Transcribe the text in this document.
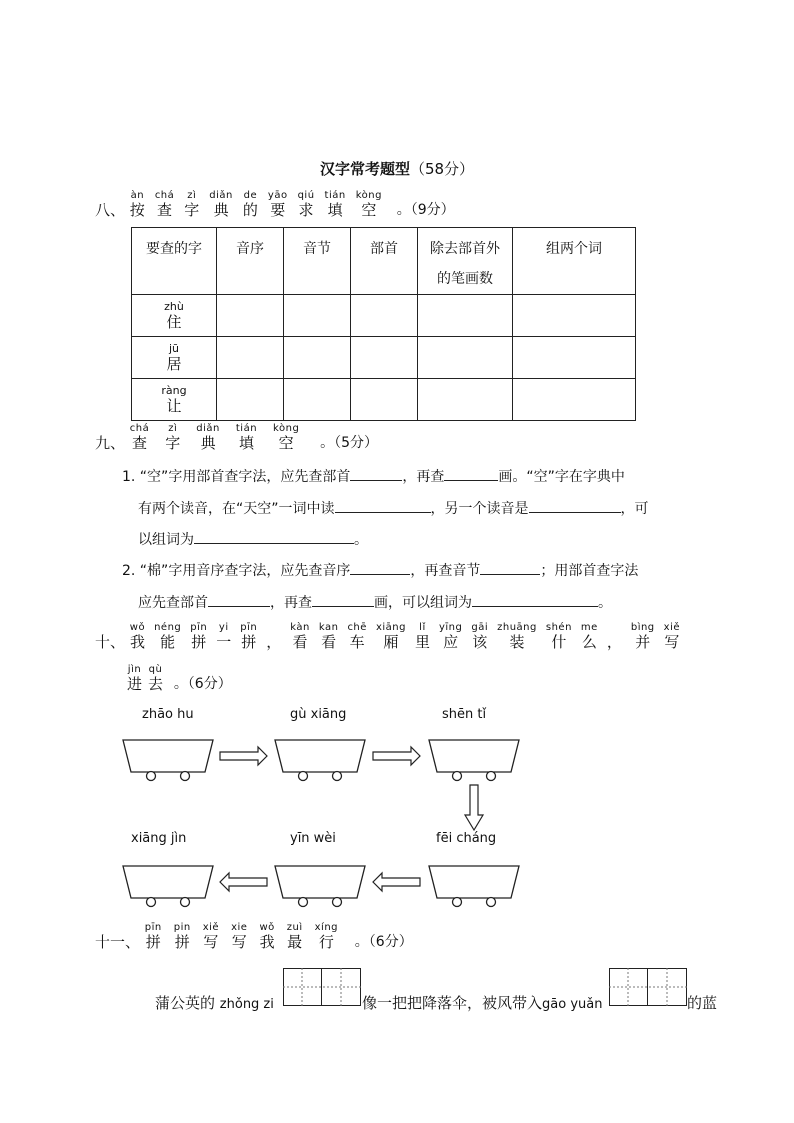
汉字常考题型（58分）
八、
àn
按
chá
查
zì
字
diǎn
典
de
的
yāo
要
qiú
求
tián
填
kòng
空	。（9分）
要查的字	音序	音节	部首	除去部首外
的笔画数	组两个词

zhù
住					

jū
居					

ràng
让					

九、
chá
查
zì
字
diǎn
典
tián
填
kòng
空	。（5分）
1. “空”字用部首查字法，应先查部首	，再查	画。“空”字在字典中
有两个读音，在“天空”一词中读	，另一个读音是	，可
以组词为	。
2. “棉”字用音序查字法，应先查音序	，再查音节	；用部首查字法
应先查部首	，再查	画，可以组词为	。
十、
wǒ
我
néng
能
pīn
拼
yi
一
pīn
拼
，
kàn
看
kan
看
chē
车
xiāng
厢
lǐ
里
yīng
应
gāi
该
zhuāng
装
shén
什
me
么
，
bìng
并
xiě
写
jìn
进
qù
去 。（6分）
zhāo hu	gù xiāng	shēn tǐ
xiāng jìn	yīn wèi	fēi cháng
十一、
pīn
拼
pin
拼
xiě
写
xie
写
wǒ
我
zuì
最
xíng
行 。（6分）
蒲公英的 zhǒng zi	像一把把降落伞，被风带入gāo yuǎn	的蓝
